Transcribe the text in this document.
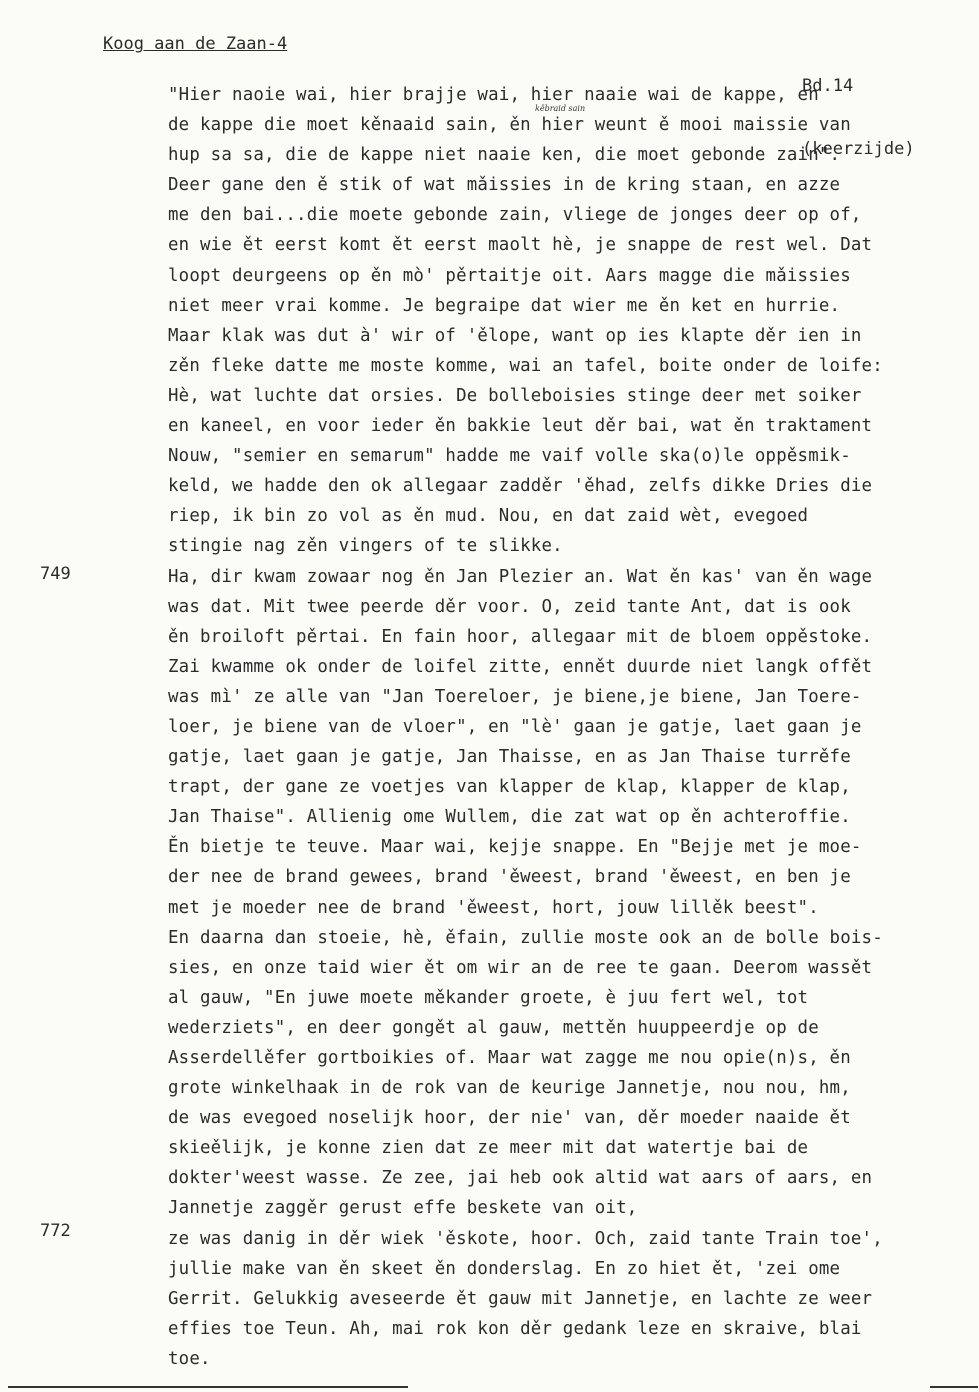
Koog aan de Zaan-4

Bd.14

(keerzijde)

kěbraid sain
749
772
"Hier naoie wai, hier brajje wai, hier naaie wai de kappe, en
de kappe die moet kěnaaid sain, ěn hier weunt ě mooi maissie van
hup sa sa, die de kappe niet naaie ken, die moet gebonde zain".
Deer gane den ě stik of wat mǎissies in de kring staan, en azze
me den bai...die moete gebonde zain, vliege de jonges deer op of,
en wie ět eerst komt ět eerst maolt hè, je snappe de rest wel. Dat
loopt deurgeens op ěn mò' pěrtaitje oit. Aars magge die mǎissies
niet meer vrai komme. Je begraipe dat wier me ěn ket en hurrie.
Maar klak was dut à' wir of 'ělope, want op ies klapte děr ien in
zěn fleke datte me moste komme, wai an tafel, boite onder de loife:
Hè, wat luchte dat orsies. De bolleboisies stinge deer met soiker
en kaneel, en voor ieder ěn bakkie leut děr bai, wat ěn traktament
Nouw, "semier en semarum" hadde me vaif volle ska(o)le oppěsmik-
keld, we hadde den ok allegaar zadděr 'ěhad, zelfs dikke Dries die
riep, ik bin zo vol as ěn mud. Nou, en dat zaid wèt, evegoed
stingie nag zěn vingers of te slikke.
Ha, dir kwam zowaar nog ěn Jan Plezier an. Wat ěn kas' van ěn wage
was dat. Mit twee peerde děr voor. O, zeid tante Ant, dat is ook
ěn broiloft pěrtai. En fain hoor, allegaar mit de bloem oppěstoke.
Zai kwamme ok onder de loifel zitte, ennět duurde niet langk offět
was mì' ze alle van "Jan Toereloer, je biene,je biene, Jan Toere-
loer, je biene van de vloer", en "lè' gaan je gatje, laet gaan je
gatje, laet gaan je gatje, Jan Thaisse, en as Jan Thaise turrěfe
trapt, der gane ze voetjes van klapper de klap, klapper de klap,
Jan Thaise". Allienig ome Wullem, die zat wat op ěn achteroffie.
Ěn bietje te teuve. Maar wai, kejje snappe. En "Bejje met je moe-
der nee de brand gewees, brand 'ěweest, brand 'ěweest, en ben je
met je moeder nee de brand 'ěweest, hort, jouw lillěk beest".
En daarna dan stoeie, hè, ěfain, zullie moste ook an de bolle bois-
sies, en onze taid wier ět om wir an de ree te gaan. Deerom wassět
al gauw, "En juwe moete měkander groete, è juu fert wel, tot
wederziets", en deer gongět al gauw, mettěn huuppeerdje op de
Asserdellěfer gortboikies of. Maar wat zagge me nou opie(n)s, ěn
grote winkelhaak in de rok van de keurige Jannetje, nou nou, hm,
de was evegoed noselijk hoor, der nie' van, děr moeder naaide ět
skieělijk, je konne zien dat ze meer mit dat watertje bai de
dokter'weest wasse. Ze zee, jai heb ook altid wat aars of aars, en
Jannetje zaggěr gerust effe beskete van oit,
ze was danig in děr wiek 'ěskote, hoor. Och, zaid tante Train toe',
jullie make van ěn skeet ěn donderslag. En zo hiet ět, 'zei ome
Gerrit. Gelukkig aveseerde ět gauw mit Jannetje, en lachte ze weer
effies toe Teun. Ah, mai rok kon děr gedank leze en skraive, blai
toe.
